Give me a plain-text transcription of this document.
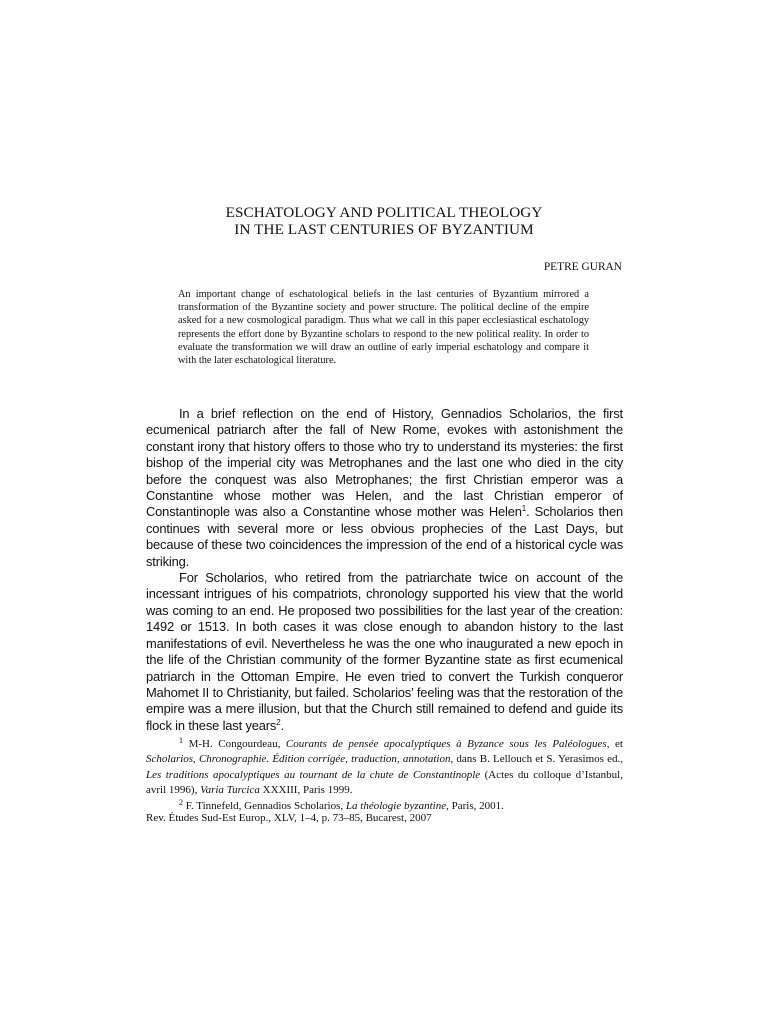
ESCHATOLOGY AND POLITICAL THEOLOGY
IN THE LAST CENTURIES OF BYZANTIUM
PETRE GURAN

An important change of eschatological beliefs in the last centuries of Byzantium mirrored a transformation of the Byzantine society and power structure. The political decline of the empire asked for a new cosmological paradigm. Thus what we call in this paper ecclesiastical eschatology represents the effort done by Byzantine scholars to respond to the new political reality. In order to evaluate the transformation we will draw an outline of early imperial eschatology and compare it with the later eschatological literature.

In a brief reflection on the end of History, Gennadios Scholarios, the first ecumenical patriarch after the fall of New Rome, evokes with astonishment the constant irony that history offers to those who try to understand its mysteries: the first bishop of the imperial city was Metrophanes and the last one who died in the city before the conquest was also Metrophanes; the first Christian emperor was a Constantine whose mother was Helen, and the last Christian emperor of Constantinople was also a Constantine whose mother was Helen$^1$. Scholarios then continues with several more or less obvious prophecies of the Last Days, but because of these two coincidences the impression of the end of a historical cycle was striking.

For Scholarios, who retired from the patriarchate twice on account of the incessant intrigues of his compatriots, chronology supported his view that the world was coming to an end. He proposed two possibilities for the last year of the creation: 1492 or 1513. In both cases it was close enough to abandon history to the last manifestations of evil. Nevertheless he was the one who inaugurated a new epoch in the life of the Christian community of the former Byzantine state as first ecumenical patriarch in the Ottoman Empire. He even tried to convert the Turkish conqueror Mahomet II to Christianity, but failed. Scholarios’ feeling was that the restoration of the empire was a mere illusion, but that the Church still remained to defend and guide its flock in these last years$^2$.

$^1$ M-H. Congourdeau, Courants de pensée apocalyptiques à Byzance sous les Paléologues, et Scholarios, Chronographie. Édition corrigée, traduction, annotation, dans B. Lellouch et S. Yerasimos ed., Les traditions apocalyptiques au tournant de la chute de Constantinople (Actes du colloque d’Istanbul, avril 1996), Varia Turcica XXXIII, Paris 1999.

$^2$ F. Tinnefeld, Gennadios Scholarios, La théologie byzantine, Paris, 2001.

Rev. Études Sud-Est Europ., XLV, 1–4, p. 73–85, Bucarest, 2007
